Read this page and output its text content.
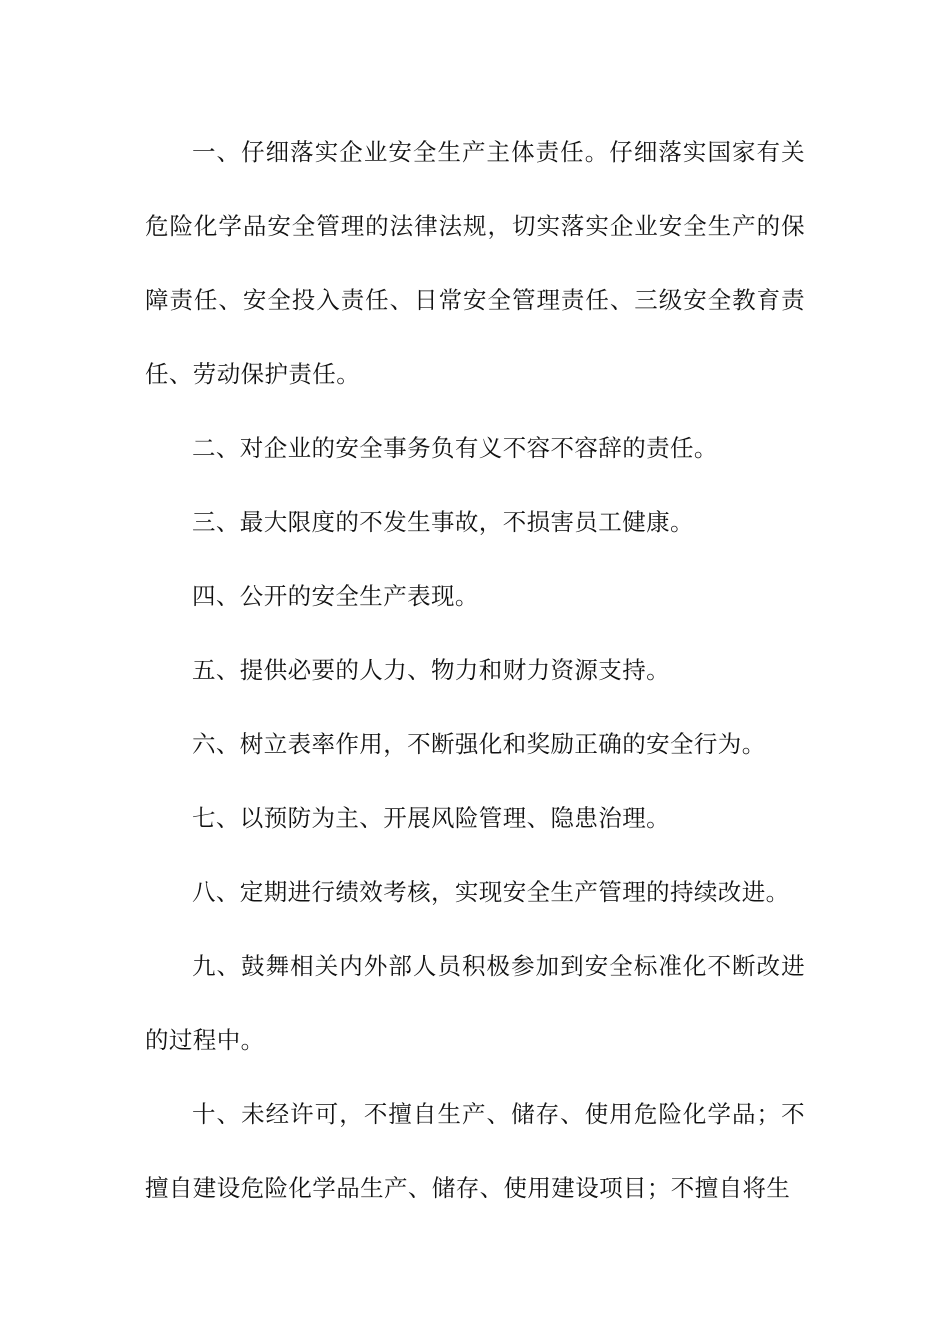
一、仔细落实企业安全生产主体责任。仔细落实国家有关危险化学品安全管理的法律法规，切实落实企业安全生产的保障责任、安全投入责任、日常安全管理责任、三级安全教育责任、劳动保护责任。

二、对企业的安全事务负有义不容不容辞的责任。

三、最大限度的不发生事故，不损害员工健康。

四、公开的安全生产表现。

五、提供必要的人力、物力和财力资源支持。

六、树立表率作用，不断强化和奖励正确的安全行为。

七、以预防为主、开展风险管理、隐患治理。

八、定期进行绩效考核，实现安全生产管理的持续改进。

九、鼓舞相关内外部人员积极参加到安全标准化不断改进的过程中。

十、未经许可，不擅自生产、储存、使用危险化学品；不擅自建设危险化学品生产、储存、使用建设项目；不擅自将生
